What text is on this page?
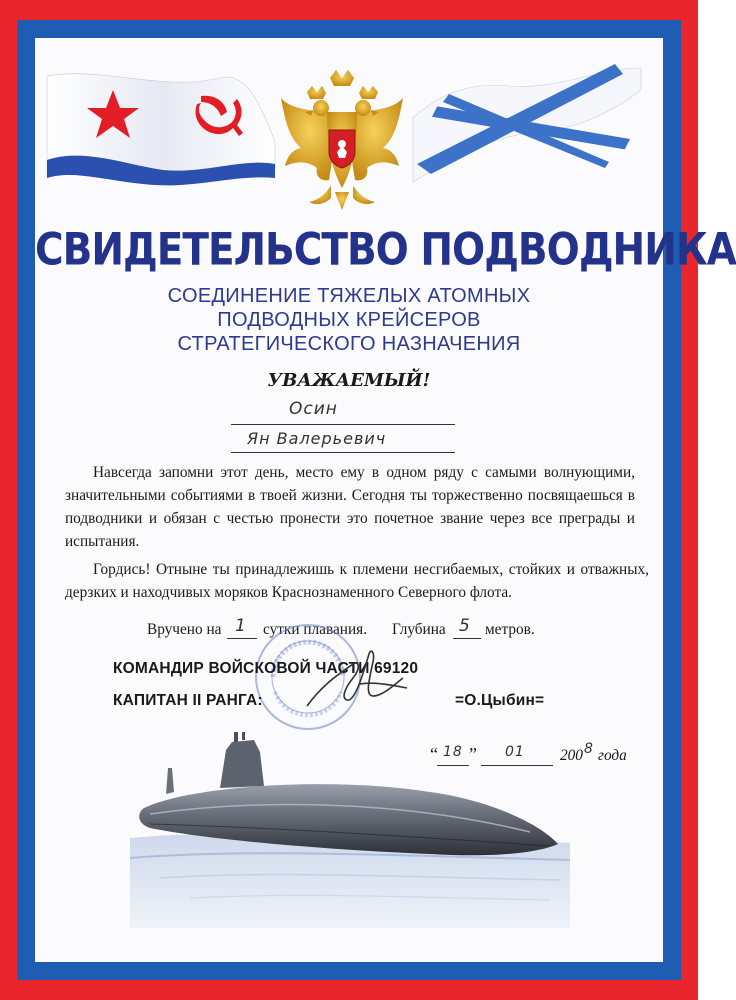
СВИДЕТЕЛЬСТВО ПОДВОДНИКА
СОЕДИНЕНИЕ ТЯЖЕЛЫХ АТОМНЫХ
ПОДВОДНЫХ КРЕЙСЕРОВ
СТРАТЕГИЧЕСКОГО НАЗНАЧЕНИЯ
УВАЖАЕМЫЙ!
Осин
Ян Валерьевич
Навсегда запомни этот день, место ему в одном ряду с самыми волнующими, значительными событиями в твоей жизни. Сегодня ты торжественно посвящаешься в подводники и обязан с честью пронести это почетное звание через все преграды и испытания.
Гордись! Отныне ты принадлежишь к племени несгибаемых, стойких и отважных, дерзких и находчивых моряков Краснознаменного Северного флота.
Вручено на 1 сутки плавания. Глубина 5 метров.
КОМАНДИР ВОЙСКОВОЙ ЧАСТИ 69120
КАПИТАН II РАНГА:	=О.Цыбин=
“ 18 ” 01 200 8 года
